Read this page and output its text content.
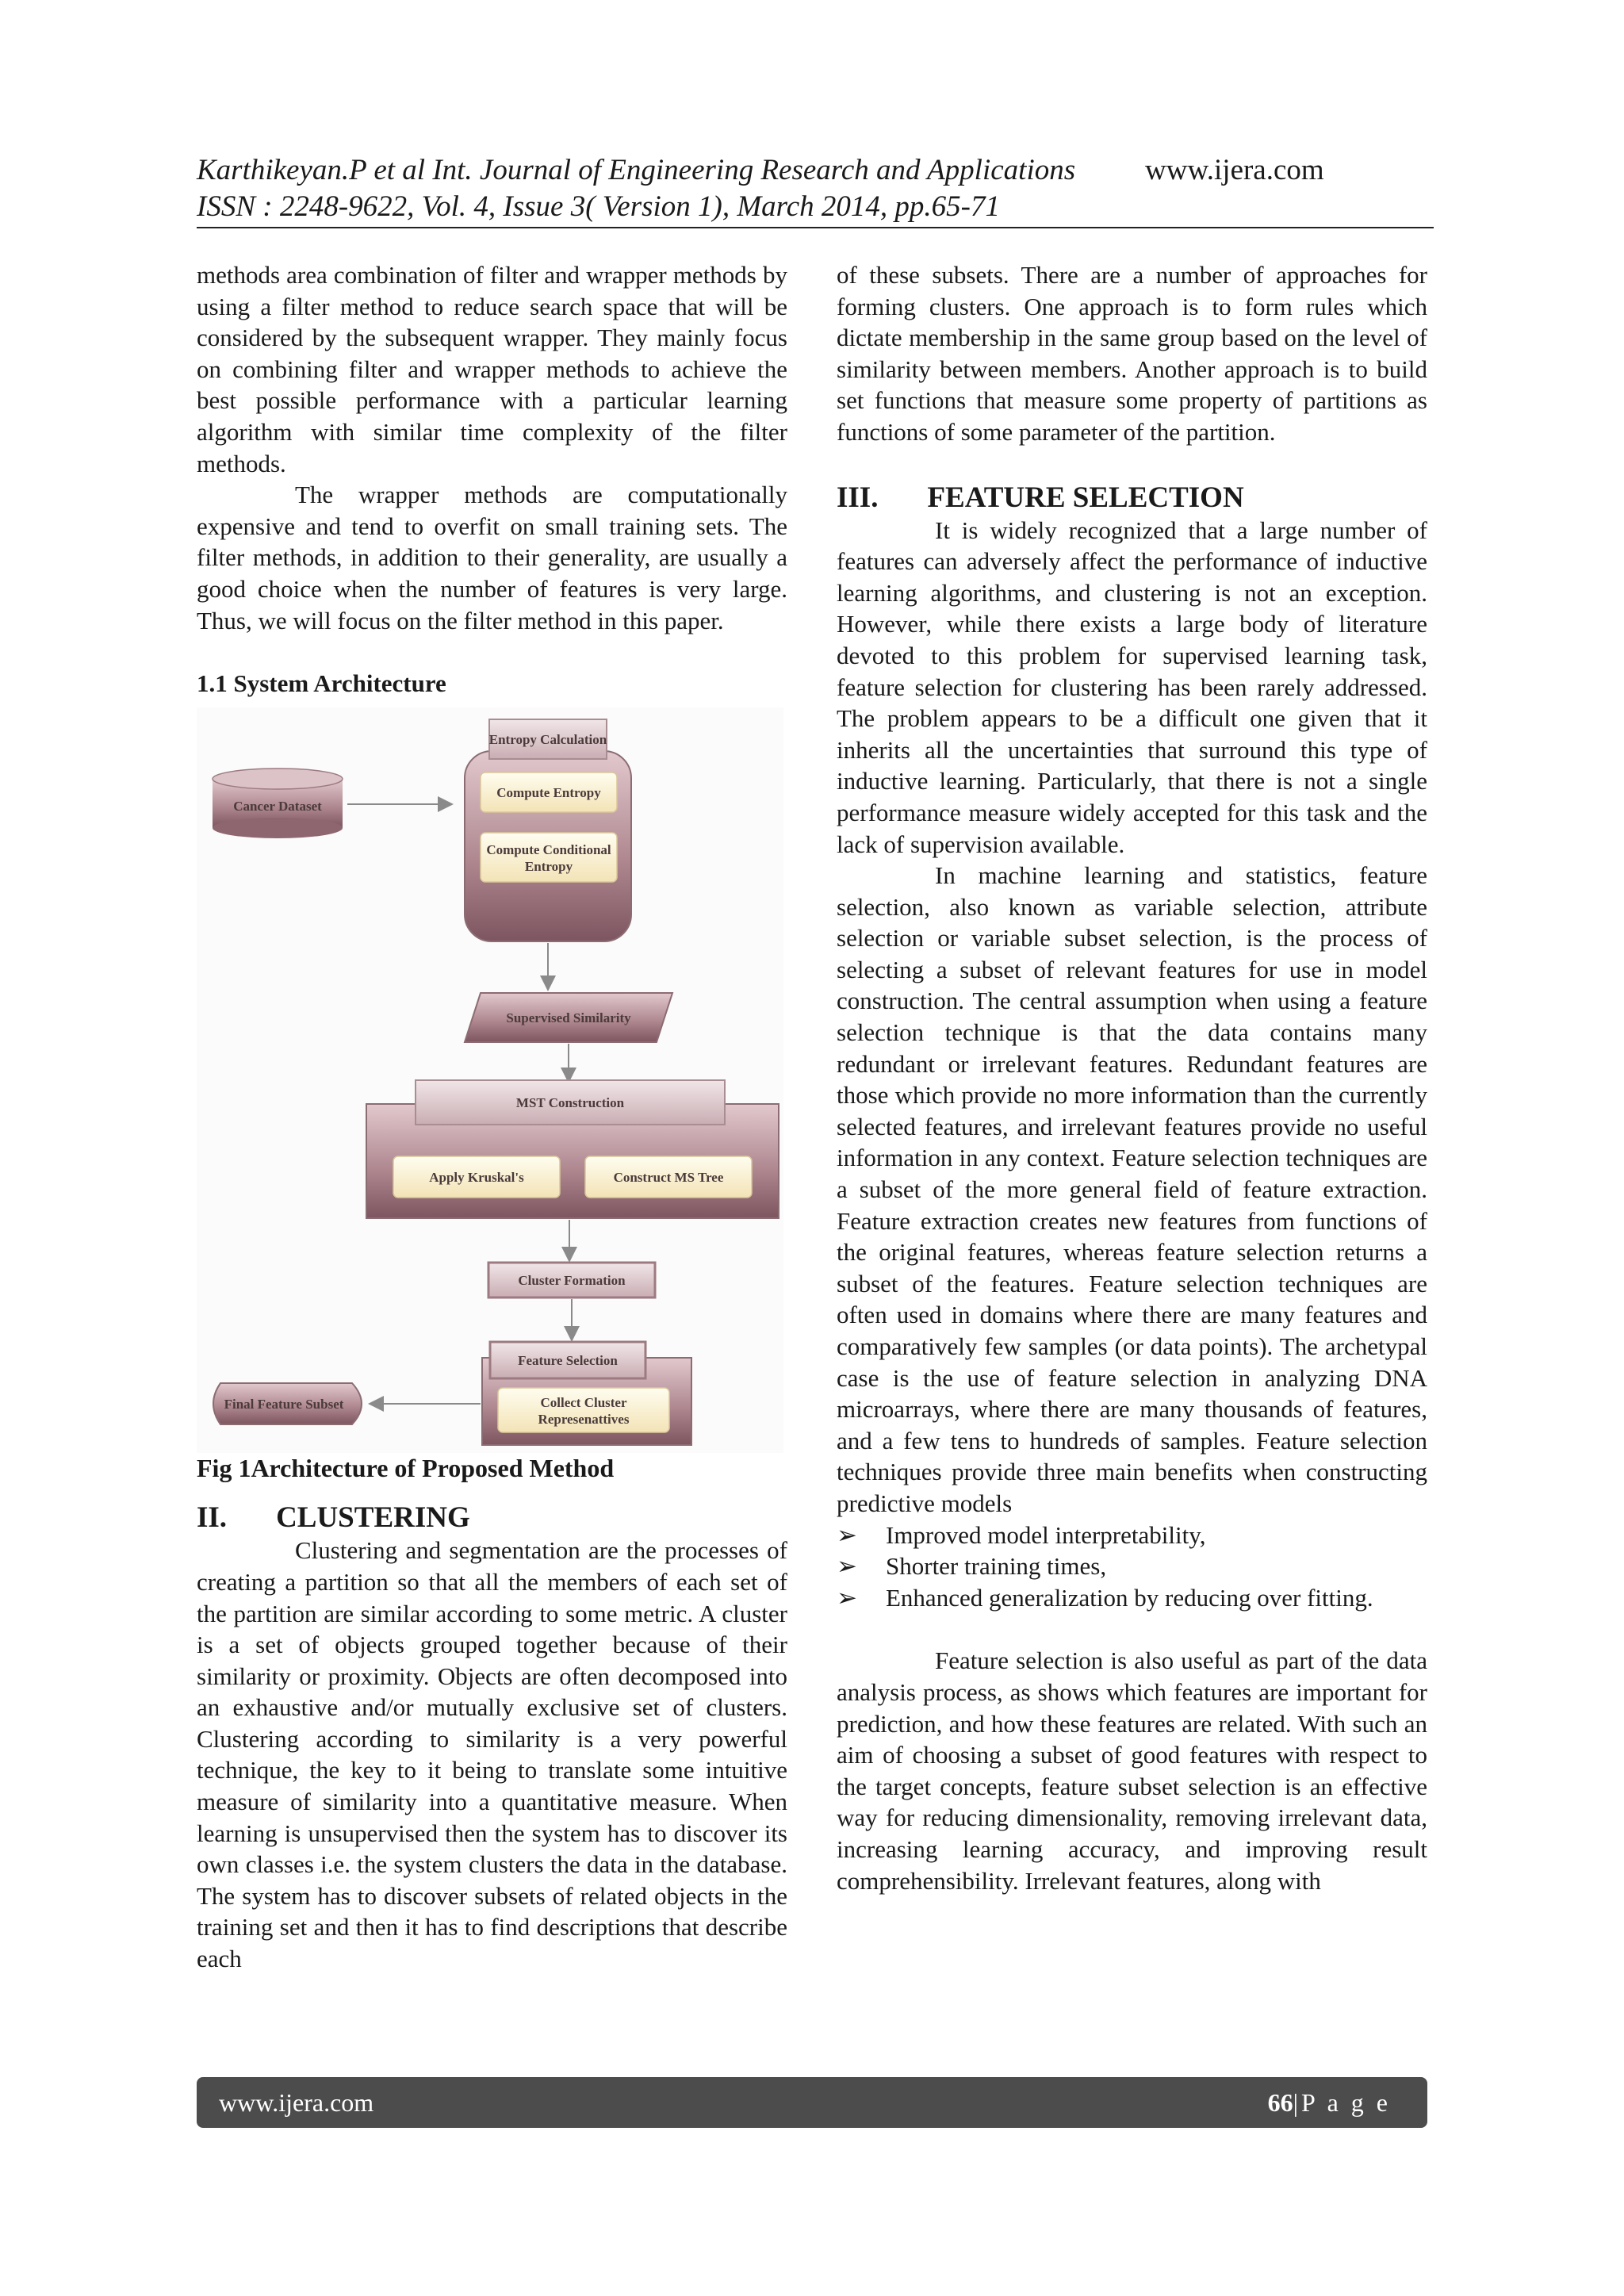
Karthikeyan.P et al Int. Journal of Engineering Research and Applications www.ijera.com
ISSN : 2248-9622, Vol. 4, Issue 3( Version 1), March 2014, pp.65-71

methods area combination of filter and wrapper methods by using a filter method to reduce search space that will be considered by the subsequent wrapper. They mainly focus on combining filter and wrapper methods to achieve the best possible performance with a particular learning algorithm with similar time complexity of the filter methods.

The wrapper methods are computationally expensive and tend to overfit on small training sets. The filter methods, in addition to their generality, are usually a good choice when the number of features is very large. Thus, we will focus on the filter method in this paper.

1.1 System Architecture

Cancer Dataset
Entropy Calculation
Compute Entropy
Compute Conditional
Entropy
Supervised Similarity
MST Construction
Apply Kruskal's	Construct MS Tree
Cluster Formation
Feature Selection
Collect Cluster
Represenattives
Final Feature Subset

Fig 1Architecture of Proposed Method

II. CLUSTERING

Clustering and segmentation are the processes of creating a partition so that all the members of each set of the partition are similar according to some metric. A cluster is a set of objects grouped together because of their similarity or proximity. Objects are often decomposed into an exhaustive and/or mutually exclusive set of clusters. Clustering according to similarity is a very powerful technique, the key to it being to translate some intuitive measure of similarity into a quantitative measure. When learning is unsupervised then the system has to discover its own classes i.e. the system clusters the data in the database. The system has to discover subsets of related objects in the training set and then it has to find descriptions that describe each

of these subsets. There are a number of approaches for forming clusters. One approach is to form rules which dictate membership in the same group based on the level of similarity between members. Another approach is to build set functions that measure some property of partitions as functions of some parameter of the partition.

III. FEATURE SELECTION

It is widely recognized that a large number of features can adversely affect the performance of inductive learning algorithms, and clustering is not an exception. However, while there exists a large body of literature devoted to this problem for supervised learning task, feature selection for clustering has been rarely addressed. The problem appears to be a difficult one given that it inherits all the uncertainties that surround this type of inductive learning. Particularly, that there is not a single performance measure widely accepted for this task and the lack of supervision available.

In machine learning and statistics, feature selection, also known as variable selection, attribute selection or variable subset selection, is the process of selecting a subset of relevant features for use in model construction. The central assumption when using a feature selection technique is that the data contains many redundant or irrelevant features. Redundant features are those which provide no more information than the currently selected features, and irrelevant features provide no useful information in any context. Feature selection techniques are a subset of the more general field of feature extraction. Feature extraction creates new features from functions of the original features, whereas feature selection returns a subset of the features. Feature selection techniques are often used in domains where there are many features and comparatively few samples (or data points). The archetypal case is the use of feature selection in analyzing DNA microarrays, where there are many thousands of features, and a few tens to hundreds of samples. Feature selection techniques provide three main benefits when constructing predictive models

➢ Improved model interpretability,
➢ Shorter training times,
➢ Enhanced generalization by reducing over fitting.

Feature selection is also useful as part of the data analysis process, as shows which features are important for prediction, and how these features are related. With such an aim of choosing a subset of good features with respect to the target concepts, feature subset selection is an effective way for reducing dimensionality, removing irrelevant data, increasing learning accuracy, and improving result comprehensibility. Irrelevant features, along with

www.ijera.com	66|P a g e
